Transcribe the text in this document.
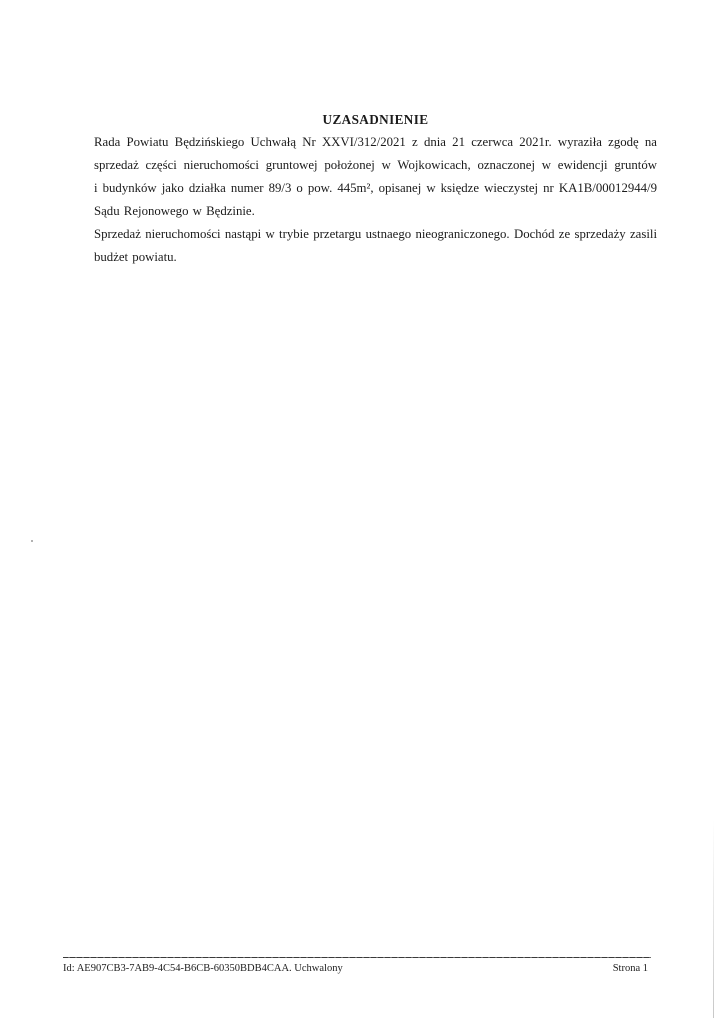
UZASADNIENIE
Rada Powiatu Będzińskiego Uchwałą Nr XXVI/312/2021 z dnia 21 czerwca 2021r. wyraziła zgodę na
sprzedaż części nieruchomości gruntowej położonej w Wojkowicach, oznaczonej w ewidencji gruntów
i budynków jako działka numer 89/3 o pow. 445m², opisanej w księdze wieczystej nr KA1B/00012944/9
Sądu Rejonowego w Będzinie.
Sprzedaż nieruchomości nastąpi w trybie przetargu ustnaego nieograniczonego. Dochód ze sprzedaży zasili
budżet powiatu.
Id: AE907CB3-7AB9-4C54-B6CB-60350BDB4CAA. Uchwalony	Strona 1
